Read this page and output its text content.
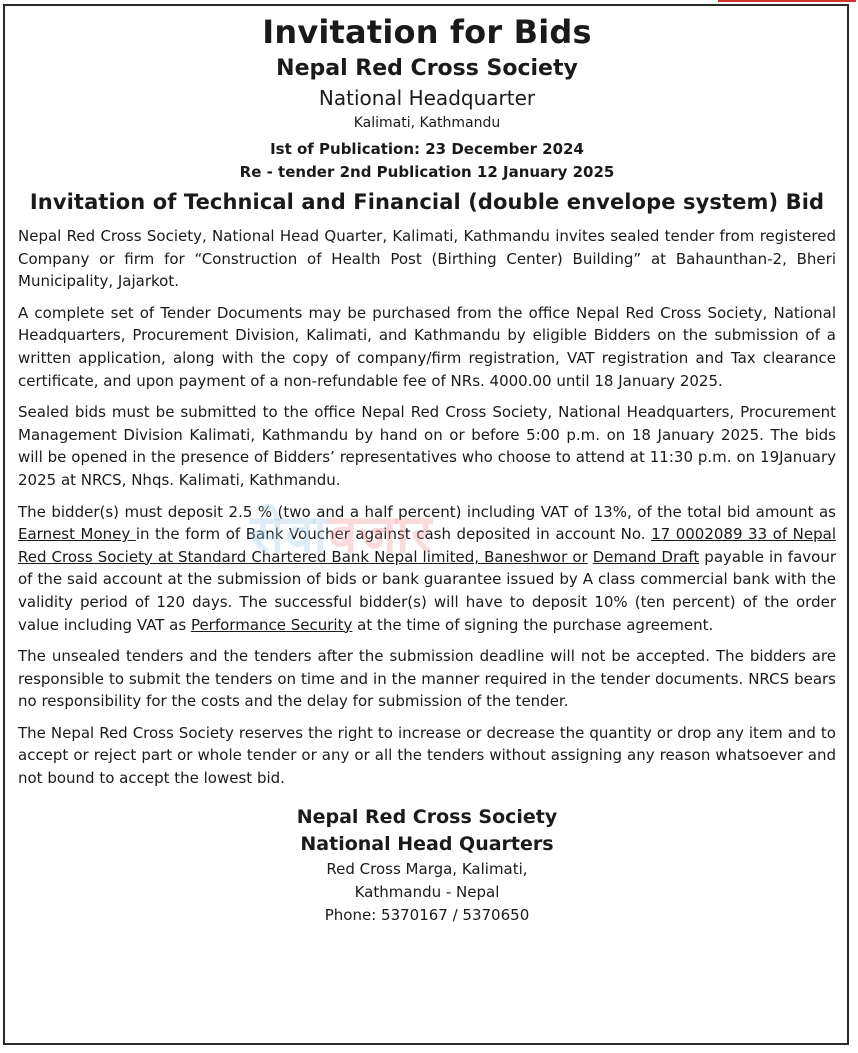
Invitation for Bids

Nepal Red Cross Society

National Headquarter

Kalimati, Kathmandu

Ist of Publication: 23 December 2024

Re - tender 2nd Publication 12 January 2025

Invitation of Technical and Financial (double envelope system) Bid

Nepal Red Cross Society, National Head Quarter, Kalimati, Kathmandu invites sealed tender from registered Company or firm for “Construction of Health Post (Birthing Center) Building” at Bahaunthan-2, Bheri Municipality, Jajarkot.

A complete set of Tender Documents may be purchased from the office Nepal Red Cross Society, National Headquarters, Procurement Division, Kalimati, and Kathmandu by eligible Bidders on the submission of a written application, along with the copy of company/firm registration, VAT registration and Tax clearance certificate, and upon payment of a non-refundable fee of NRs. 4000.00 until 18 January 2025.

Sealed bids must be submitted to the office Nepal Red Cross Society, National Headquarters, Procurement Management Division Kalimati, Kathmandu by hand on or before 5:00 p.m. on 18 January 2025. The bids will be opened in the presence of Bidders’ representatives who choose to attend at 11:30 p.m. on 19January 2025 at NRCS, Nhqs. Kalimati, Kathmandu.

The bidder(s) must deposit 2.5 % (two and a half percent) including VAT of 13%, of the total bid amount as Earnest Money in the form of Bank Voucher against cash deposited in account No. 17 0002089 33 of Nepal Red Cross Society at Standard Chartered Bank Nepal limited, Baneshwor or Demand Draft payable in favour of the said account at the submission of bids or bank guarantee issued by A class commercial bank with the validity period of 120 days. The successful bidder(s) will have to deposit 10% (ten percent) of the order value including VAT as Performance Security at the time of signing the purchase agreement.

The unsealed tenders and the tenders after the submission deadline will not be accepted. The bidders are responsible to submit the tenders on time and in the manner required in the tender documents. NRCS bears no responsibility for the costs and the delay for submission of the tender.

The Nepal Red Cross Society reserves the right to increase or decrease the quantity or drop any item and to accept or reject part or whole tender or any or all the tenders without assigning any reason whatsoever and not bound to accept the lowest bid.

Nepal Red Cross Society

National Head Quarters

Red Cross Marga, Kalimati,

Kathmandu - Nepal

Phone: 5370167 / 5370650

सेवाबजार
